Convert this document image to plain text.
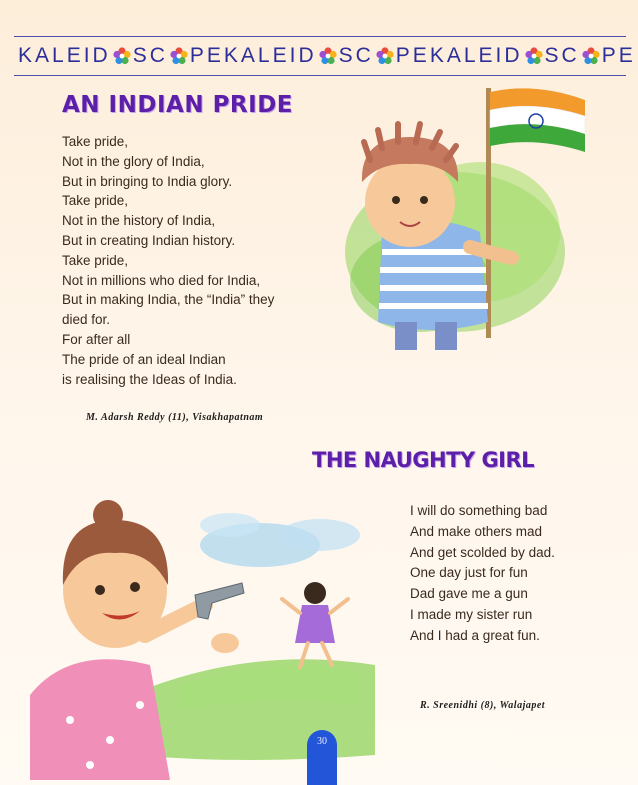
KALEID SC PE KALEID SC PE KALEID SC PE
AN INDIAN PRIDE
Take pride,
Not in the glory of India,
But in bringing to India glory.
Take pride,
Not in the history of India,
But in creating Indian history.
Take pride,
Not in millions who died for India,
But in making India, the “India” they
died for.
For after all
The pride of an ideal Indian
is realising the Ideas of India.
M. Adarsh Reddy (11), Visakhapatnam
THE NAUGHTY GIRL
I will do something bad
And make others mad
And get scolded by dad.
One day just for fun
Dad gave me a gun
I made my sister run
And I had a great fun.
R. Sreenidhi (8), Walajapet
30
